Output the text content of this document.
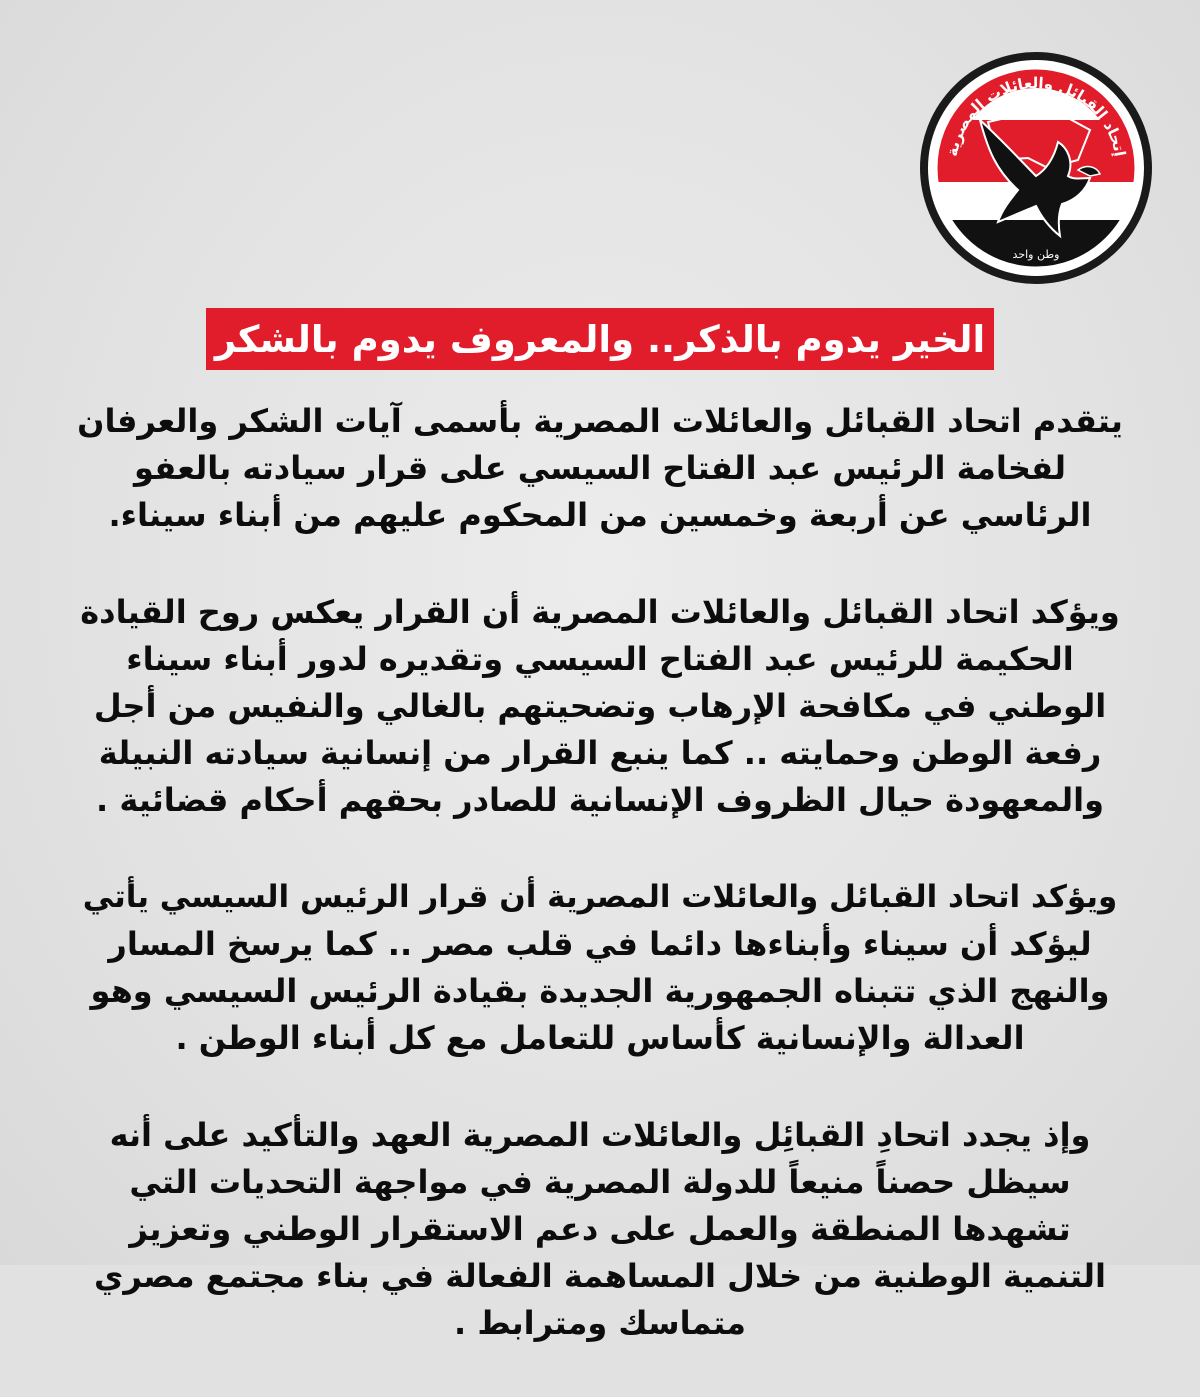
إتحاد القبائل والعائلات المصرية
وطن واحد
الخير يدوم بالذكر.. والمعروف يدوم بالشكر

يتقدم اتحاد القبائل والعائلات المصرية بأسمى آيات الشكر والعرفان
لفخامة الرئيس عبد الفتاح السيسي على قرار سيادته بالعفو
الرئاسي عن أربعة وخمسين من المحكوم عليهم من أبناء سيناء.

ويؤكد اتحاد القبائل والعائلات المصرية أن القرار يعكس روح القيادة
الحكيمة للرئيس عبد الفتاح السيسي وتقديره لدور أبناء سيناء
الوطني في مكافحة الإرهاب وتضحيتهم بالغالي والنفيس من أجل
رفعة الوطن وحمايته .. كما ينبع القرار من إنسانية سيادته النبيلة
والمعهودة حيال الظروف الإنسانية للصادر بحقهم أحكام قضائية .

ويؤكد اتحاد القبائل والعائلات المصرية أن قرار الرئيس السيسي يأتي
ليؤكد أن سيناء وأبناءها دائما في قلب مصر .. كما يرسخ المسار
والنهج الذي تتبناه الجمهورية الجديدة بقيادة الرئيس السيسي وهو
العدالة والإنسانية كأساس للتعامل مع كل أبناء الوطن .

وإذ يجدد اتحادِ القبائِل والعائلات المصرية العهد والتأكيد على أنه
سيظل حصناً منيعاً للدولة المصرية في مواجهة التحديات التي
تشهدها المنطقة والعمل على دعم الاستقرار الوطني وتعزيز
التنمية الوطنية من خلال المساهمة الفعالة في بناء مجتمع مصري
متماسك ومترابط .
